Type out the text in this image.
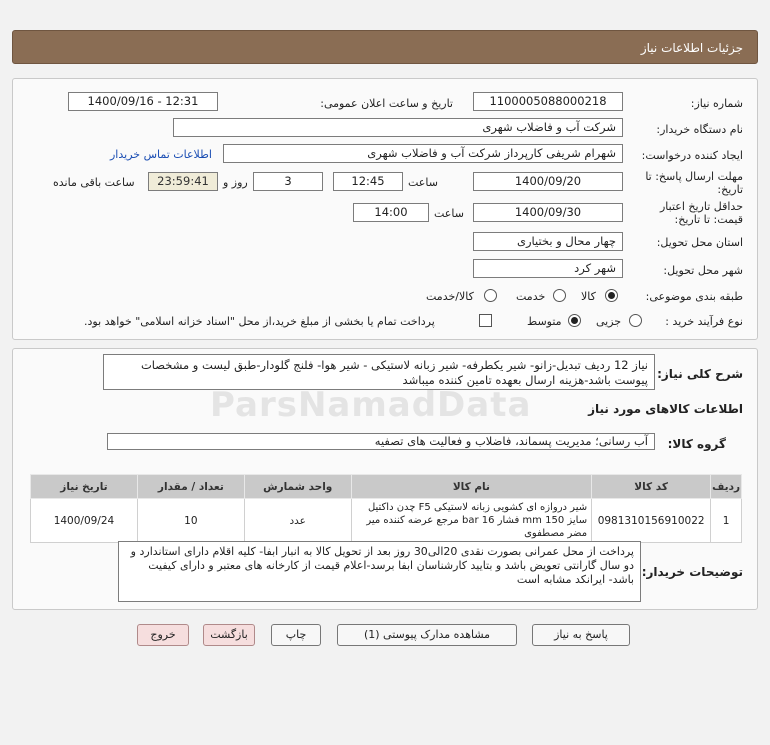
جزئیات اطلاعات نیاز
شماره نیاز:
1100005088000218
تاریخ و ساعت اعلان عمومی:
1400/09/16 - 12:31
نام دستگاه خریدار:
شرکت آب و فاضلاب شهری
ایجاد کننده درخواست:
شهرام شریفی کارپرداز شرکت آب و فاضلاب شهری
اطلاعات تماس خریدار
مهلت ارسال پاسخ: تا
تاریخ:
1400/09/20
ساعت
12:45
3
روز و
23:59:41
ساعت باقی مانده
حداقل تاریخ اعتبار
قیمت: تا تاریخ:
1400/09/30
ساعت
14:00
استان محل تحویل:
چهار محال و بختیاری
شهر محل تحویل:
شهر کرد
طبقه بندی موضوعی:
کالا
خدمت
کالا/خدمت
نوع فرآیند خرید :
جزیی
متوسط
پرداخت تمام یا بخشی از مبلغ خرید،از محل "اسناد خزانه اسلامی" خواهد بود.
شرح کلی نیاز:
نیاز 12 ردیف تبدیل-زانو- شیر یکطرفه- شیر زبانه لاستیکی - شیر هوا- فلنج گلودار-طبق لیست و مشخصات پیوست باشد-هزینه ارسال بعهده تامین کننده میباشد
اطلاعات کالاهای مورد نیاز
گروه کالا:
آب رسانی؛ مدیریت پسماند، فاضلاب و فعالیت های تصفیه
ParsNamadData
ردیف	کد کالا	نام کالا	واحد شمارش	تعداد / مقدار	تاریخ نیاز
1	0981310156910022	شیر دروازه ای کشویی زبانه لاستیکی F5 چدن داکتیل سایز 150 mm فشار 16 bar مرجع عرضه کننده میر مضر مصطفوی	عدد	10	1400/09/24
توضیحات خریدار:
پرداخت از محل عمرانی بصورت نقدی 20الی30 روز بعد از تحویل کالا به انبار ابفا- کلیه اقلام دارای استاندارد و دو سال گارانتی تعویض باشد و بتایید کارشناسان ابفا برسد-اعلام قیمت از کارخانه های معتبر و دارای کیفیت باشد- ایرانکد مشابه است
پاسخ به نیاز
مشاهده مدارک پیوستی (1)
چاپ
بازگشت
خروج
